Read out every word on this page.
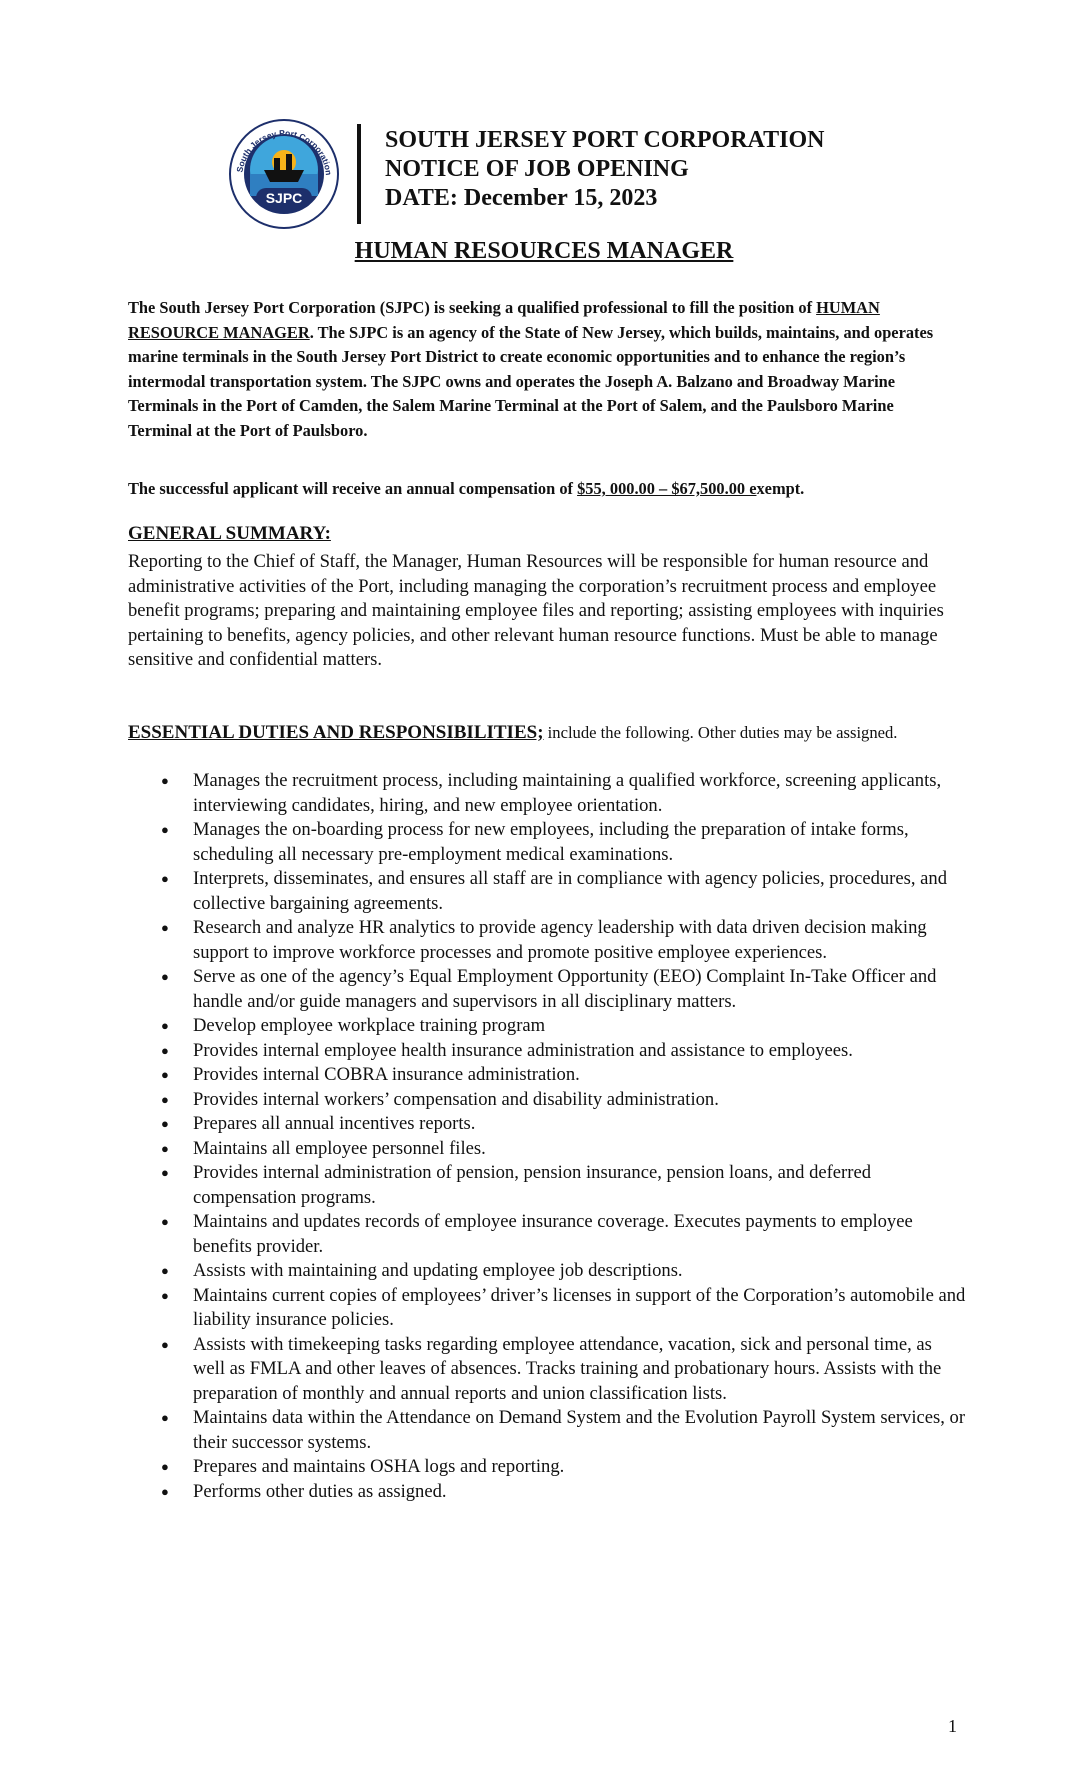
SJPC
South Jersey Port Corporation
SOUTH JERSEY PORT CORPORATION
NOTICE OF JOB OPENING
DATE: December 15, 2023
HUMAN RESOURCES MANAGER
The South Jersey Port Corporation (SJPC) is seeking a qualified professional to fill the position of HUMAN RESOURCE MANAGER. The SJPC is an agency of the State of New Jersey, which builds, maintains, and operates marine terminals in the South Jersey Port District to create economic opportunities and to enhance the region’s intermodal transportation system. The SJPC owns and operates the Joseph A. Balzano and Broadway Marine Terminals in the Port of Camden, the Salem Marine Terminal at the Port of Salem, and the Paulsboro Marine Terminal at the Port of Paulsboro.
The successful applicant will receive an annual compensation of $55, 000.00 – $67,500.00 exempt.
GENERAL SUMMARY:
Reporting to the Chief of Staff, the Manager, Human Resources will be responsible for human resource and administrative activities of the Port, including managing the corporation’s recruitment process and employee benefit programs; preparing and maintaining employee files and reporting; assisting employees with inquiries pertaining to benefits, agency policies, and other relevant human resource functions. Must be able to manage sensitive and confidential matters.
ESSENTIAL DUTIES AND RESPONSIBILITIES; include the following. Other duties may be assigned.
●	Manages the recruitment process, including maintaining a qualified workforce, screening applicants, interviewing candidates, hiring, and new employee orientation.
●	Manages the on-boarding process for new employees, including the preparation of intake forms, scheduling all necessary pre-employment medical examinations.
●	Interprets, disseminates, and ensures all staff are in compliance with agency policies, procedures, and collective bargaining agreements.
●	Research and analyze HR analytics to provide agency leadership with data driven decision making support to improve workforce processes and promote positive employee experiences.
●	Serve as one of the agency’s Equal Employment Opportunity (EEO) Complaint In-Take Officer and handle and/or guide managers and supervisors in all disciplinary matters.
●	Develop employee workplace training program
●	Provides internal employee health insurance administration and assistance to employees.
●	Provides internal COBRA insurance administration.
●	Provides internal workers’ compensation and disability administration.
●	Prepares all annual incentives reports.
●	Maintains all employee personnel files.
●	Provides internal administration of pension, pension insurance, pension loans, and deferred compensation programs.
●	Maintains and updates records of employee insurance coverage. Executes payments to employee benefits provider.
●	Assists with maintaining and updating employee job descriptions.
●	Maintains current copies of employees’ driver’s licenses in support of the Corporation’s automobile and liability insurance policies.
●	Assists with timekeeping tasks regarding employee attendance, vacation, sick and personal time, as well as FMLA and other leaves of absences. Tracks training and probationary hours. Assists with the preparation of monthly and annual reports and union classification lists.
●	Maintains data within the Attendance on Demand System and the Evolution Payroll System services, or their successor systems.
●	Prepares and maintains OSHA logs and reporting.
●	Performs other duties as assigned.
1
